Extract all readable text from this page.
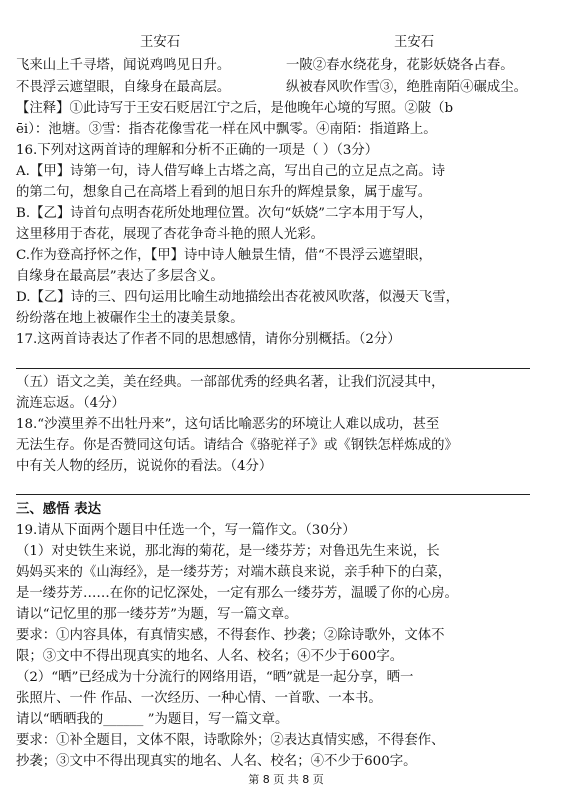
王安石	王安石
飞来山上千寻塔，闻说鸡鸣见日升。	一陂②春水绕花身，花影妖娆各占春。
不畏浮云遮望眼，自缘身在最高层。	纵被春风吹作雪③，绝胜南陌④碾成尘。
【注释】①此诗写于王安石贬居江宁之后，是他晚年心境的写照。②陂（b
ēi）：池塘。③雪：指杏花像雪花一样在风中飘零。④南陌：指道路上。
16.下列对这两首诗的理解和分析不正确的一项是（ ）（3分）
A.【甲】诗第一句，诗人借写峰上古塔之高，写出自己的立足点之高。诗
的第二句，想象自己在高塔上看到的旭日东升的辉煌景象，属于虚写。
B.【乙】诗首句点明杏花所处地理位置。次句“妖娆”二字本用于写人，
这里移用于杏花，展现了杏花争奇斗艳的照人光彩。
C.作为登高抒怀之作，【甲】诗中诗人触景生情，借“不畏浮云遮望眼，
自缘身在最高层”表达了多层含义。
D.【乙】诗的三、四句运用比喻生动地描绘出杏花被风吹落，似漫天飞雪，
纷纷落在地上被碾作尘土的凄美景象。
17.这两首诗表达了作者不同的思想感情，请你分别概括。（2分）
（五）语文之美，美在经典。一部部优秀的经典名著，让我们沉浸其中，
流连忘返。（4分）
18.“沙漠里养不出牡丹来”，这句话比喻恶劣的环境让人难以成功，甚至
无法生存。你是否赞同这句话。请结合《骆驼祥子》或《钢铁怎样炼成的》
中有关人物的经历，说说你的看法。（4分）
三、感悟 表达
19.请从下面两个题目中任选一个，写一篇作文。（30分）
（1）对史铁生来说，那北海的菊花，是一缕芬芳；对鲁迅先生来说，长
妈妈买来的《山海经》，是一缕芬芳；对端木蕻良来说，亲手种下的白菜，
是一缕芬芳……在你的记忆深处，一定有那么一缕芬芳，温暖了你的心房。
请以“记忆里的那一缕芬芳”为题，写一篇文章。
要求：①内容具体，有真情实感，不得套作、抄袭；②除诗歌外，文体不
限；③文中不得出现真实的地名、人名、校名；④不少于600字。
（2）“晒”已经成为十分流行的网络用语，“晒”就是一起分享，晒一
张照片、一件 作品、一次经历、一种心情、一首歌、一本书。
请以“晒晒我的______ ”为题目，写一篇文章。
要求：①补全题目，文体不限，诗歌除外；②表达真情实感，不得套作、
抄袭；③文中不得出现真实的地名、人名、校名；④不少于600字。
第 8 页 共 8 页
